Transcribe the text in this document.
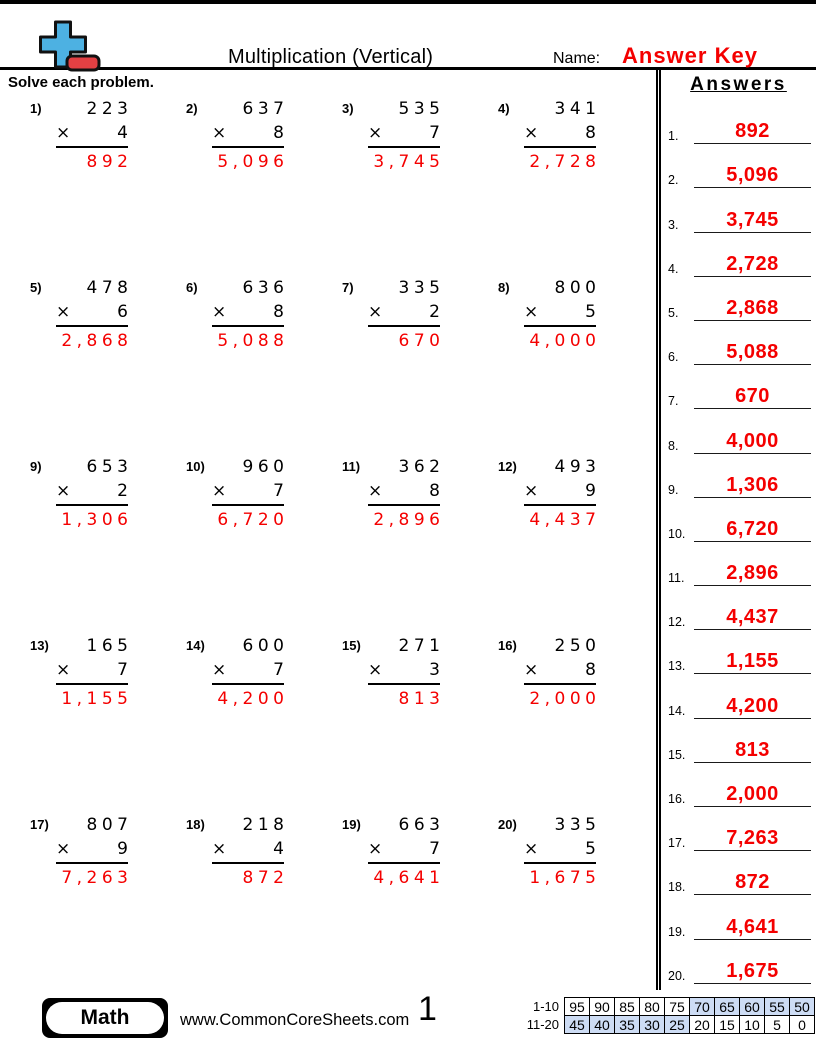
Multiplication (Vertical)	Name: Answer Key
Solve each problem.
1)	223
×	4
892
2)	637
×	8
5,096
3)	535
×	7
3,745
4)	341
×	8
2,728
5)	478
×	6
2,868
6)	636
×	8
5,088
7)	335
×	2
670
8)	800
×	5
4,000
9)	653
×	2
1,306
10)	960
×	7
6,720
11)	362
×	8
2,896
12)	493
×	9
4,437
13)	165
×	7
1,155
14)	600
×	7
4,200
15)	271
×	3
813
16)	250
×	8
2,000
17)	807
×	9
7,263
18)	218
×	4
872
19)	663
×	7
4,641
20)	335
×	5
1,675
Answers
1.	892
2.	5,096
3.	3,745
4.	2,728
5.	2,868
6.	5,088
7.	670
8.	4,000
9.	1,306
10.	6,720
11.	2,896
12.	4,437
13.	1,155
14.	4,200
15.	813
16.	2,000
17.	7,263
18.	872
19.	4,641
20.	1,675
Math	www.CommonCoreSheets.com 1	1-10	95	90	85	80	75	70	65	60	55	50
11-20	45	40	35	30	25	20	15	10	5	0
